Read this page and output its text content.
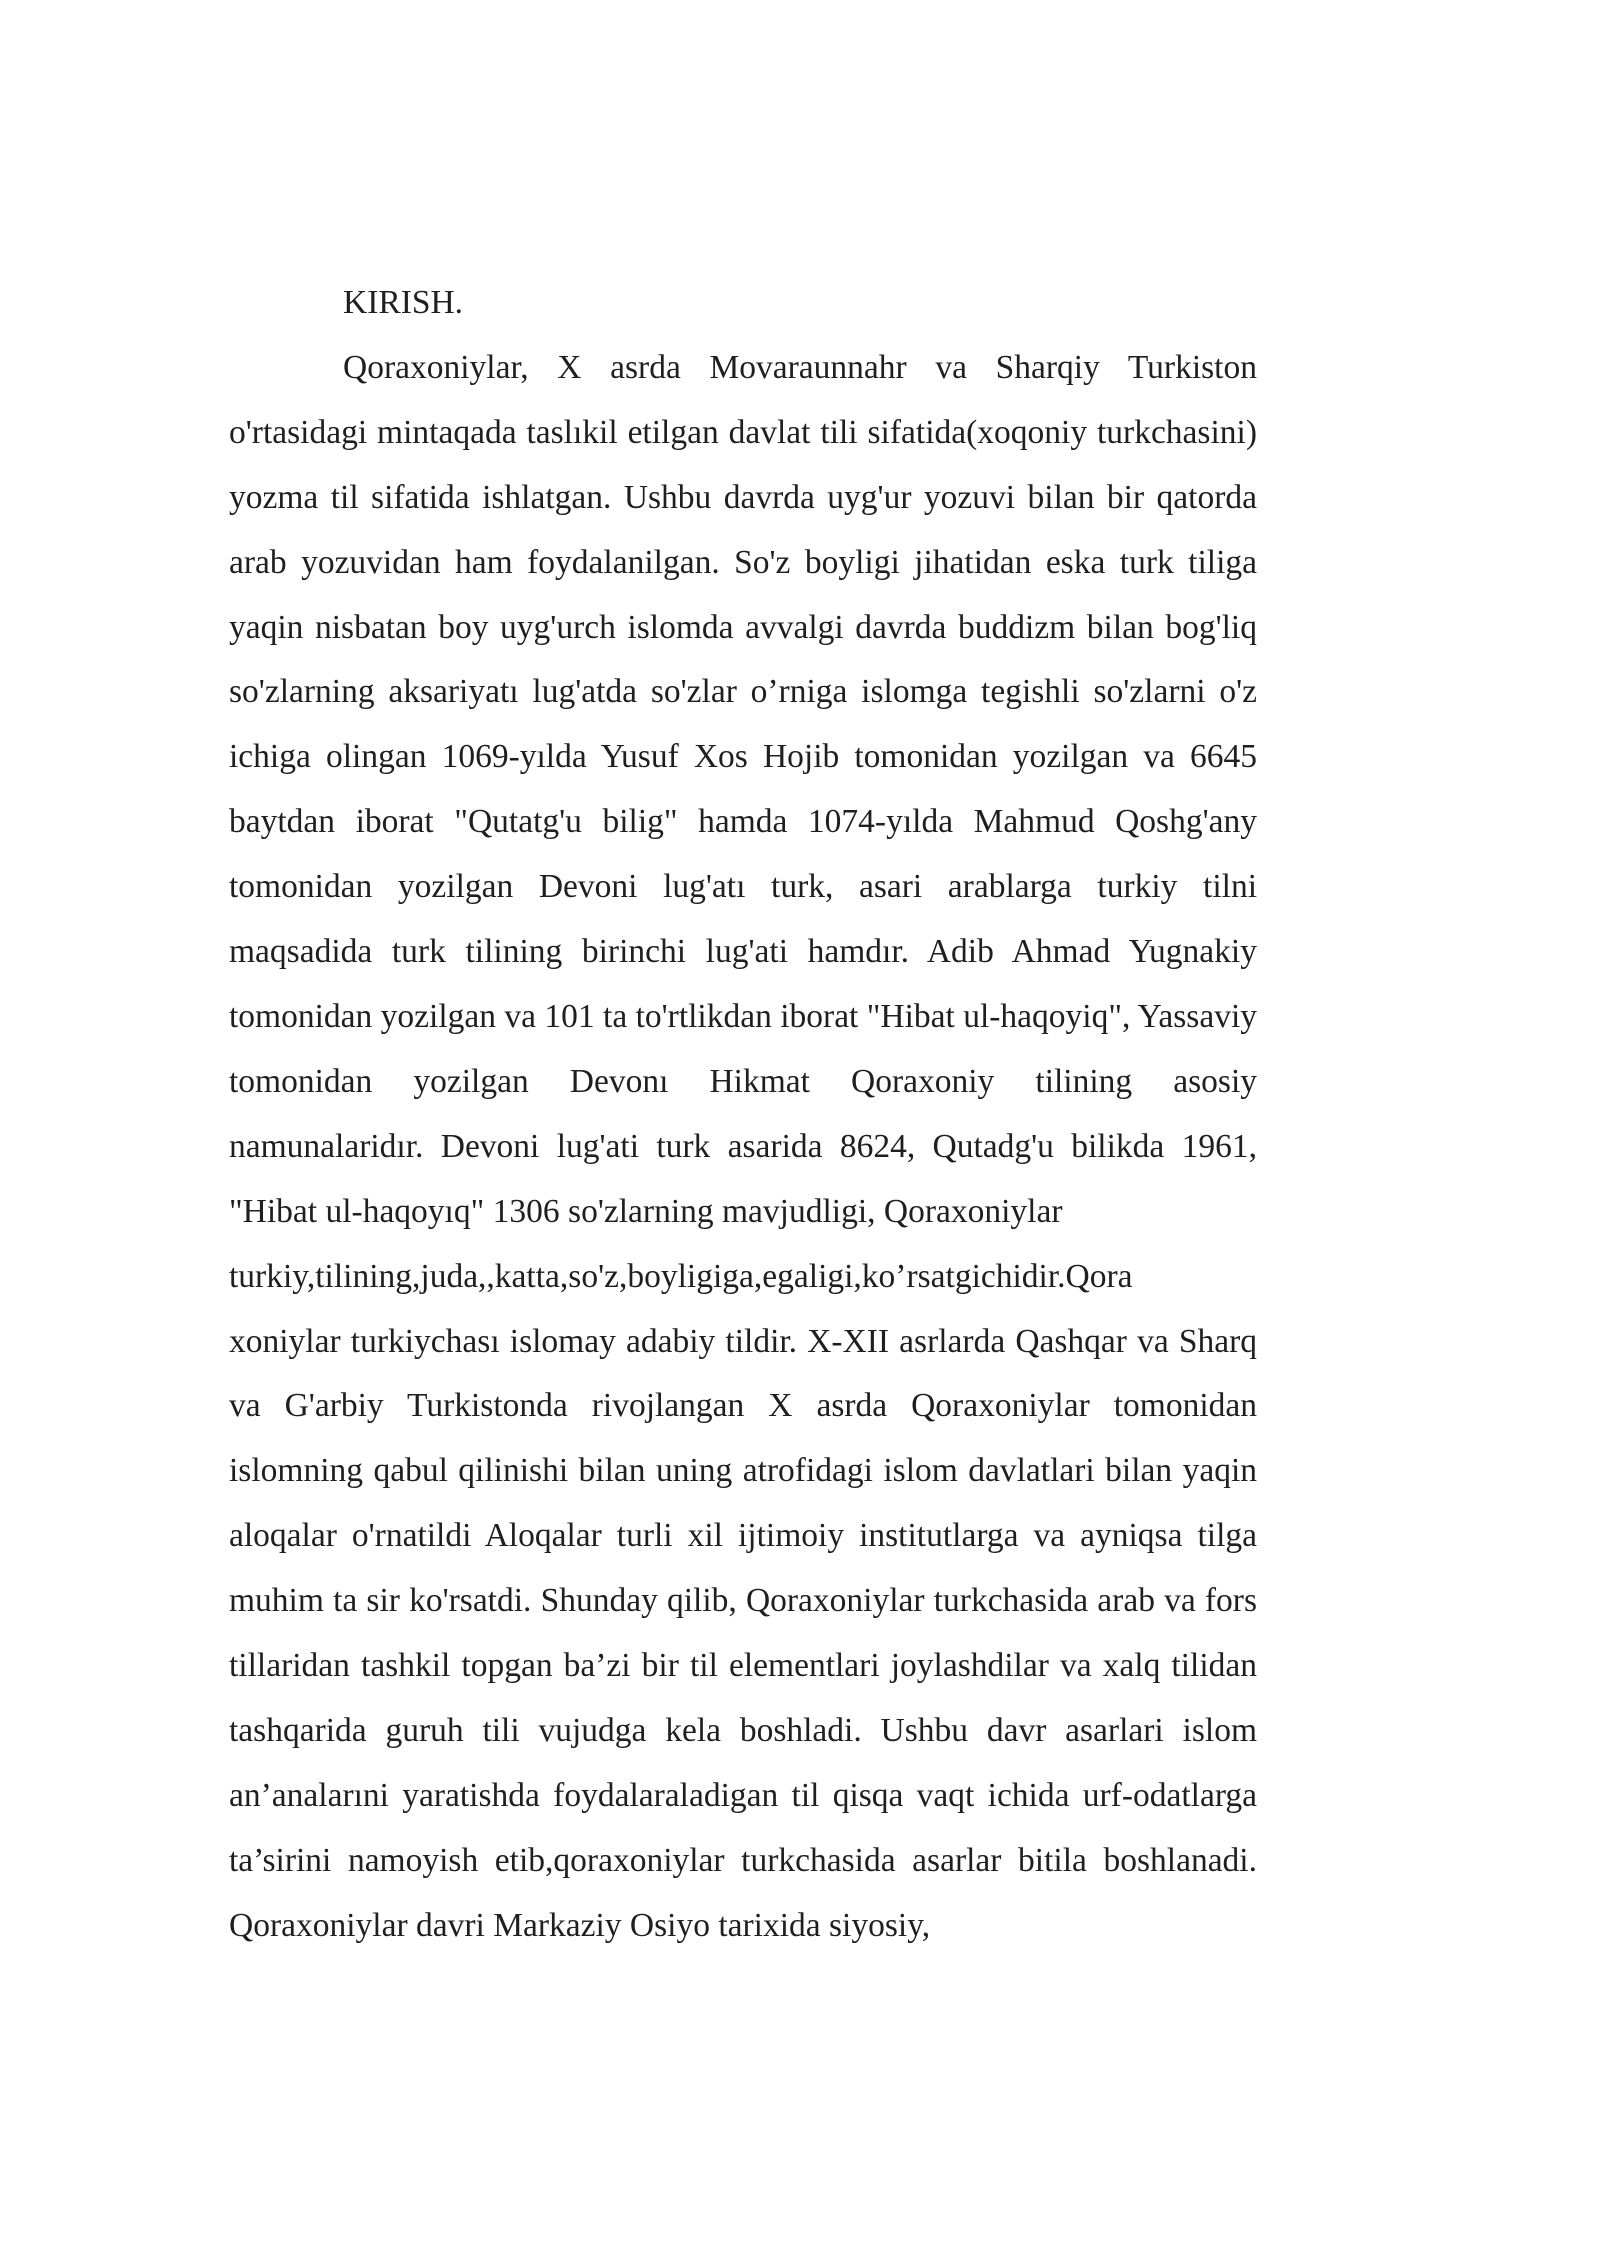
KIRISH.

Qoraxoniylar, X asrda Movaraunnahr va Sharqiy Turkiston o'rtasidagi mintaqada taslıkil etilgan davlat tili sifatida(xoqoniy turkchasini) yozma til sifatida ishlatgan. Ushbu davrda uyg'ur yozuvi bilan bir qatorda arab yozuvidan ham foydalanilgan. So'z boyligi jihatidan eska turk tiliga yaqin nisbatan boy uyg'urch islomda avvalgi davrda buddizm bilan bog'liq so'zlarning aksariyatı lug'atda so'zlar o’rniga islomga tegishli so'zlarni o'z ichiga olingan 1069-yılda Yusuf Xos Hojib tomonidan yozilgan va 6645 baytdan iborat "Qutatg'u bilig" hamda 1074-yılda Mahmud Qoshg'any tomonidan yozilgan Devoni lug'atı turk, asari arablarga turkiy tilni maqsadida turk tilining birinchi lug'ati hamdır. Adib Ahmad Yugnakiy tomonidan yozilgan va 101 ta to'rtlikdan iborat "Hibat ul-haqoyiq", Yassaviy tomonidan yozilgan Devonı Hikmat Qoraxoniy tilining asosiy namunalaridır. Devoni lug'ati turk asarida 8624, Qutadg'u bilikda 1961, "Hibat ul-haqoyıq" 1306 so'zlarning mavjudligi, Qoraxoniylar
turkiy,tilining,juda,,katta,so'z,boyligiga,egaligi,ko’rsatgichidir.Qora
xoniylar turkiychası islomay adabiy tildir. X-XII asrlarda Qashqar va Sharq va G'arbiy Turkistonda rivojlangan X asrda Qoraxoniylar tomonidan islomning qabul qilinishi bilan uning atrofidagi islom davlatlari bilan yaqin aloqalar o'rnatildi Aloqalar turli xil ijtimoiy institutlarga va ayniqsa tilga muhim ta sir ko'rsatdi. Shunday qilib, Qoraxoniylar turkchasida arab va fors tillaridan tashkil topgan ba’zi bir til elementlari joylashdilar va xalq tilidan tashqarida guruh tili vujudga kela boshladi. Ushbu davr asarlari islom an’analarıni yaratishda foydalaraladigan til qisqa vaqt ichida urf-odatlarga ta’sirini namoyish etib,qoraxoniylar turkchasida asarlar bitila boshlanadi. Qoraxoniylar davri Markaziy Osiyo tarixida siyosiy,
